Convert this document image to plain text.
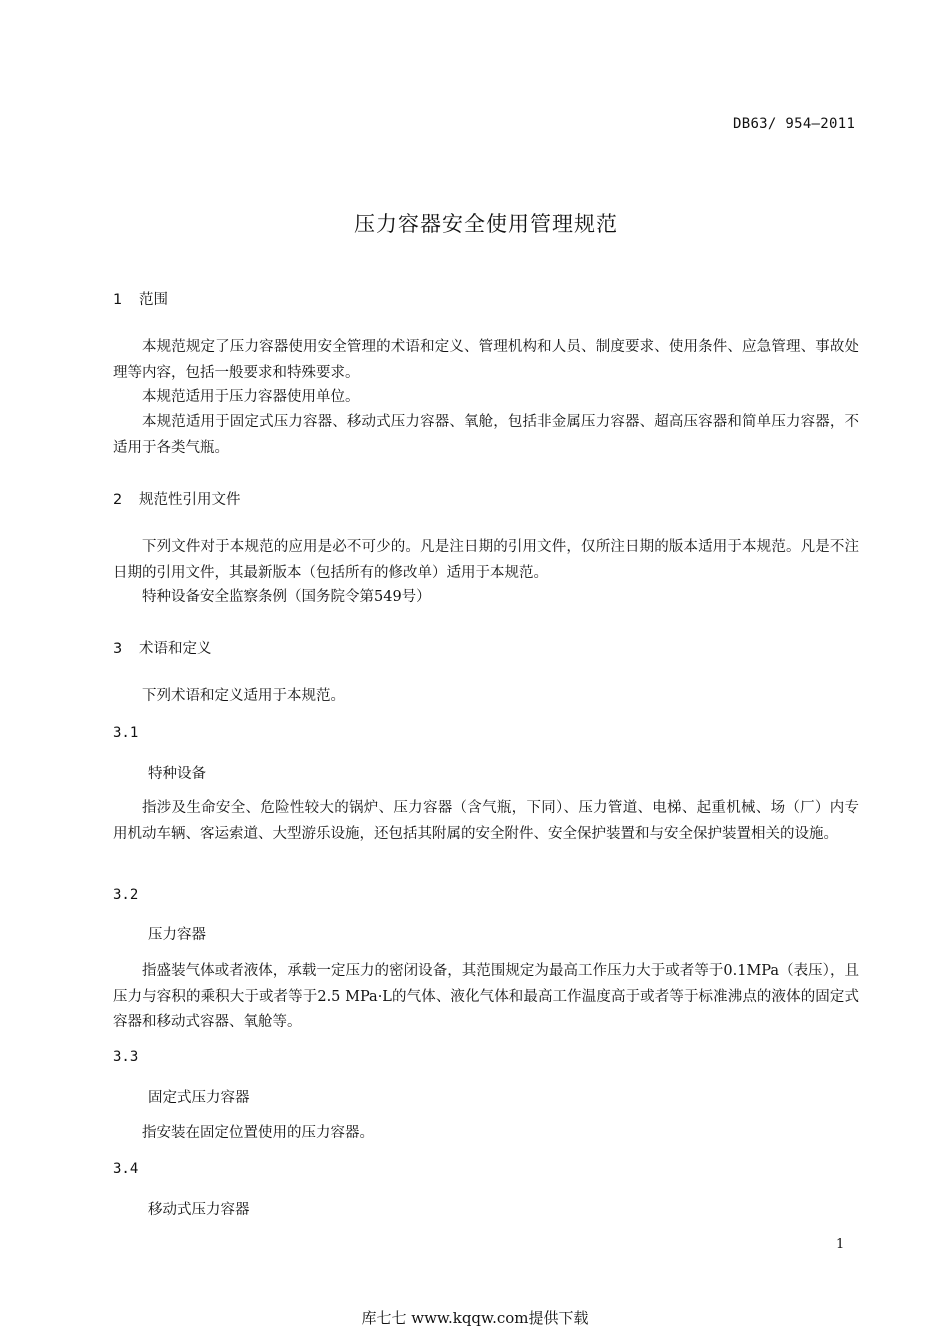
DB63/ 954—2011
压力容器安全使用管理规范
1 范围

本规范规定了压力容器使用安全管理的术语和定义、管理机构和人员、制度要求、使用条件、应急管理、事故处理等内容，包括一般要求和特殊要求。

本规范适用于压力容器使用单位。

本规范适用于固定式压力容器、移动式压力容器、氧舱，包括非金属压力容器、超高压容器和简单压力容器，不适用于各类气瓶。

2 规范性引用文件

下列文件对于本规范的应用是必不可少的。凡是注日期的引用文件，仅所注日期的版本适用于本规范。凡是不注日期的引用文件，其最新版本（包括所有的修改单）适用于本规范。

特种设备安全监察条例（国务院令第549号）

3 术语和定义

下列术语和定义适用于本规范。

3.1
特种设备

指涉及生命安全、危险性较大的锅炉、压力容器（含气瓶，下同）、压力管道、电梯、起重机械、场（厂）内专用机动车辆、客运索道、大型游乐设施，还包括其附属的安全附件、安全保护装置和与安全保护装置相关的设施。

3.2
压力容器

指盛装气体或者液体，承载一定压力的密闭设备，其范围规定为最高工作压力大于或者等于0.1MPa（表压），且压力与容积的乘积大于或者等于2.5 MPa·L的气体、液化气体和最高工作温度高于或者等于标准沸点的液体的固定式容器和移动式容器、氧舱等。

3.3
固定式压力容器

指安装在固定位置使用的压力容器。

3.4
移动式压力容器
1
库七七 www.kqqw.com提供下载
